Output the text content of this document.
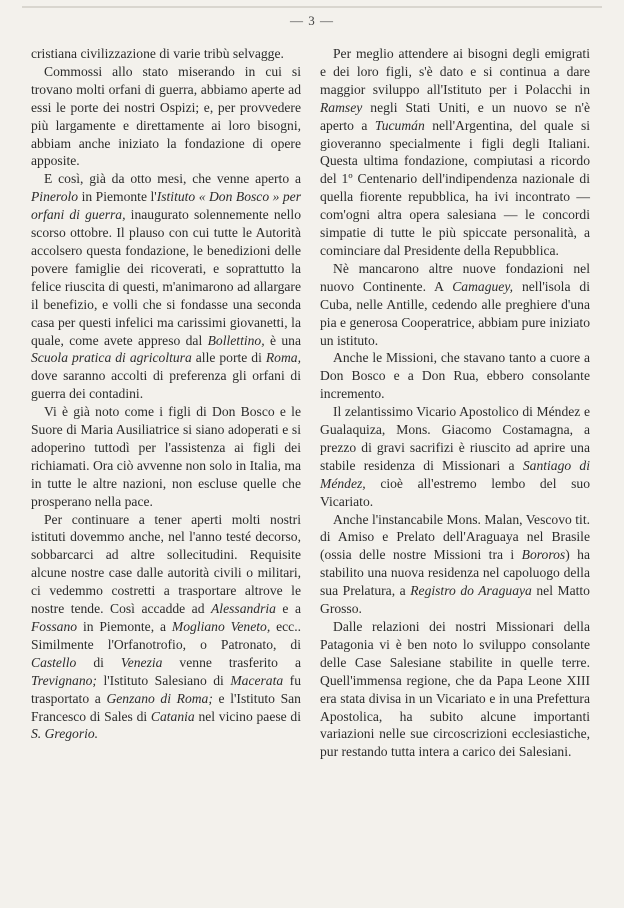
— 3 —

cristiana civilizzazione di varie tribù selvagge.

Commossi allo stato miserando in cui si trovano molti orfani di guerra, abbiamo aperte ad essi le porte dei nostri Ospizi; e, per provvedere più largamente e direttamente ai loro bisogni, abbiam anche iniziato la fondazione di opere apposite.

E così, già da otto mesi, che venne aperto a Pinerolo in Piemonte l'Istituto « Don Bosco » per orfani di guerra, inaugurato solennemente nello scorso ottobre. Il plauso con cui tutte le Autorità accolsero questa fondazione, le benedizioni delle povere famiglie dei ricoverati, e soprattutto la felice riuscita di questi, m'animarono ad allargare il benefizio, e volli che si fondasse una seconda casa per questi infelici ma carissimi giovanetti, la quale, come avete appreso dal Bollettino, è una Scuola pratica di agricoltura alle porte di Roma, dove saranno accolti di preferenza gli orfani di guerra dei contadini.

Vi è già noto come i figli di Don Bosco e le Suore di Maria Ausiliatrice si siano adoperati e si adoperino tuttodì per l'assistenza ai figli dei richiamati. Ora ciò avvenne non solo in Italia, ma in tutte le altre nazioni, non escluse quelle che prosperano nella pace.

Per continuare a tener aperti molti nostri istituti dovemmo anche, nel l'anno testé decorso, sobbarcarci ad altre sollecitudini. Requisite alcune nostre case dalle autorità civili o militari, ci vedemmo costretti a trasportare altrove le nostre tende. Così accadde ad Alessandria e a Fossano in Piemonte, a Mogliano Veneto, ecc.. Similmente l'Orfanotrofio, o Patronato, di Castello di Venezia venne trasferito a Trevignano; l'Istituto Salesiano di Macerata fu trasportato a Genzano di Roma; e l'Istituto San Francesco di Sales di Catania nel vicino paese di S. Gregorio.

Per meglio attendere ai bisogni degli emigrati e dei loro figli, s'è dato e si continua a dare maggior sviluppo all'Istituto per i Polacchi in Ramsey negli Stati Uniti, e un nuovo se n'è aperto a Tucumán nell'Argentina, del quale si gioveranno specialmente i figli degli Italiani. Questa ultima fondazione, compiutasi a ricordo del 1º Centenario dell'indipendenza nazionale di quella fiorente repubblica, ha ivi incontrato — com'ogni altra opera salesiana — le concordi simpatie di tutte le più spiccate personalità, a cominciare dal Presidente della Repubblica.

Nè mancarono altre nuove fondazioni nel nuovo Continente. A Camaguey, nell'isola di Cuba, nelle Antille, cedendo alle preghiere d'una pia e generosa Cooperatrice, abbiam pure iniziato un istituto.

Anche le Missioni, che stavano tanto a cuore a Don Bosco e a Don Rua, ebbero consolante incremento.

Il zelantissimo Vicario Apostolico di Méndez e Gualaquiza, Mons. Giacomo Costamagna, a prezzo di gravi sacrifizi è riuscito ad aprire una stabile residenza di Missionari a Santiago di Méndez, cioè all'estremo lembo del suo Vicariato.

Anche l'instancabile Mons. Malan, Vescovo tit. di Amiso e Prelato dell'Araguaya nel Brasile (ossia delle nostre Missioni tra i Bororos) ha stabilito una nuova residenza nel capoluogo della sua Prelatura, a Registro do Araguaya nel Matto Grosso.

Dalle relazioni dei nostri Missionari della Patagonia vi è ben noto lo sviluppo consolante delle Case Salesiane stabilite in quelle terre. Quell'immensa regione, che da Papa Leone XIII era stata divisa in un Vicariato e in una Prefettura Apostolica, ha subito alcune importanti variazioni nelle sue circoscrizioni ecclesiastiche, pur restando tutta intera a carico dei Salesiani.
